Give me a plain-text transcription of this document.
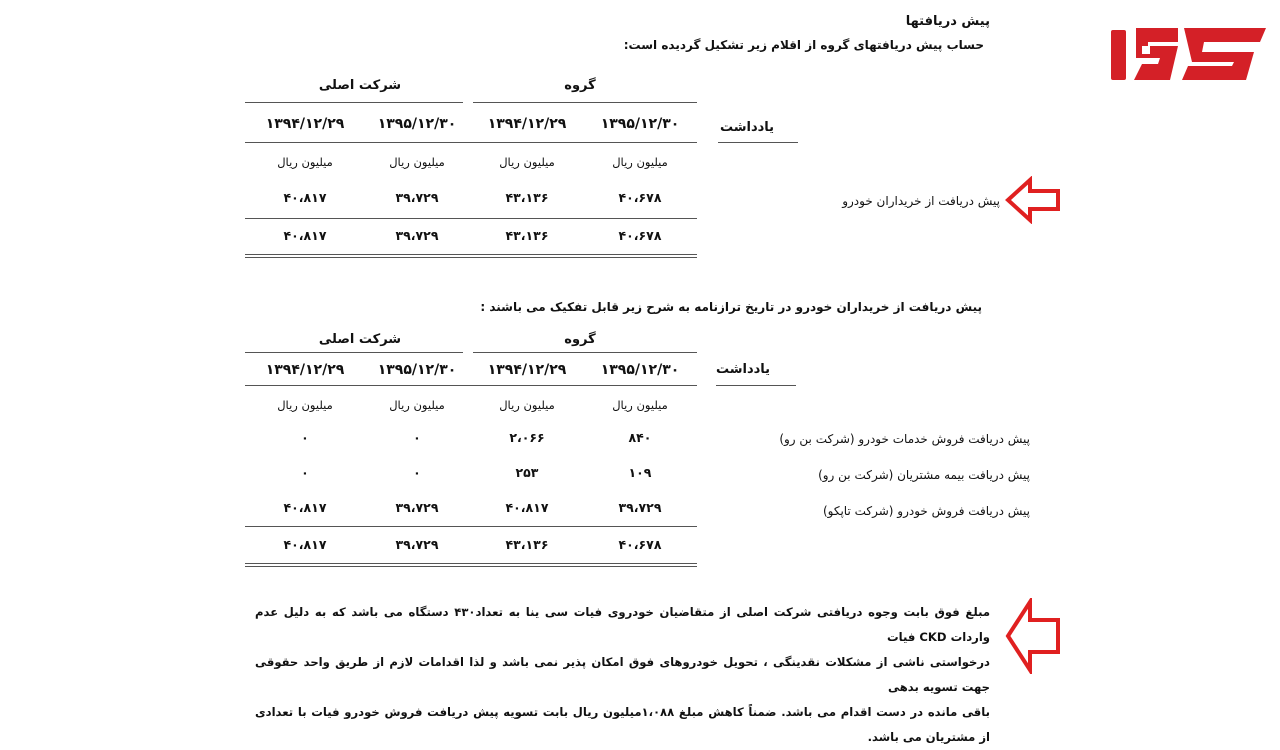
پیش دریافتها
حساب پیش دریافتهای گروه از اقلام زیر تشکیل گردیده است:
گروه
شرکت اصلی
۱۳۹۵/۱۲/۳۰
۱۳۹۴/۱۲/۲۹
۱۳۹۵/۱۲/۳۰
۱۳۹۴/۱۲/۲۹	یادداشت
میلیون ریال
میلیون ریال
میلیون ریال
میلیون ریال
پیش دریافت از خریداران خودرو
۴۰،۶۷۸
۴۳،۱۳۶
۳۹،۷۲۹
۴۰،۸۱۷
۴۰،۶۷۸
۴۳،۱۳۶
۳۹،۷۲۹
۴۰،۸۱۷
پیش دریافت از خریداران خودرو در تاریخ ترازنامه به شرح زیر قابل تفکیک می باشند :
گروه
شرکت اصلی
۱۳۹۵/۱۲/۳۰
۱۳۹۴/۱۲/۲۹
۱۳۹۵/۱۲/۳۰
۱۳۹۴/۱۲/۲۹	یادداشت
میلیون ریال
میلیون ریال
میلیون ریال
میلیون ریال
پیش دریافت فروش خدمات خودرو (شرکت بن رو)
۸۴۰
۲،۰۶۶
۰
۰
پیش دریافت بیمه مشتریان (شرکت بن رو)
۱۰۹
۲۵۳
۰
۰
پیش دریافت فروش خودرو (شرکت تاپکو)
۳۹،۷۲۹
۴۰،۸۱۷
۳۹،۷۲۹
۴۰،۸۱۷
۴۰،۶۷۸
۴۳،۱۳۶
۳۹،۷۲۹
۴۰،۸۱۷
مبلغ فوق بابت وجوه دریافتی شرکت اصلی از متقاضیان خودروی فیات سی ینا به تعداد۴۳۰ دستگاه می باشد که به دلیل عدم واردات CKD فیات
درخواستی ناشی از مشکلات نقدینگی ، تحویل خودروهای فوق امکان پذیر نمی باشد و لذا اقدامات لازم از طریق واحد حقوقی جهت تسویه بدهی
باقی مانده در دست اقدام می باشد. ضمناً کاهش مبلغ ۱،۰۸۸میلیون ریال بابت تسویه پیش دریافت فروش خودرو فیات با تعدادی از مشتریان می باشد.
